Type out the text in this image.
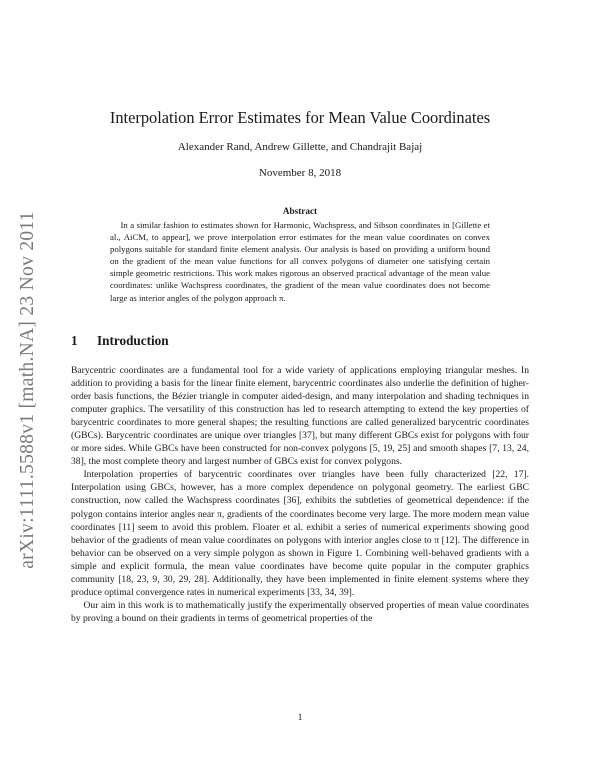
arXiv:1111.5588v1 [math.NA] 23 Nov 2011
Interpolation Error Estimates for Mean Value Coordinates
Alexander Rand, Andrew Gillette, and Chandrajit Bajaj
November 8, 2018
Abstract

In a similar fashion to estimates shown for Harmonic, Wachspress, and Sibson coordinates in [Gillette et al., AiCM, to appear], we prove interpolation error estimates for the mean value coordinates on convex polygons suitable for standard finite element analysis. Our analysis is based on providing a uniform bound on the gradient of the mean value functions for all convex polygons of diameter one satisfying certain simple geometric restrictions. This work makes rigorous an observed practical advantage of the mean value coordinates: unlike Wachspress coordinates, the gradient of the mean value coordinates does not become large as interior angles of the polygon approach π.

1 Introduction

Barycentric coordinates are a fundamental tool for a wide variety of applications employing triangular meshes. In addition to providing a basis for the linear finite element, barycentric coordinates also underlie the definition of higher-order basis functions, the Bézier triangle in computer aided-design, and many interpolation and shading techniques in computer graphics. The versatility of this construction has led to research attempting to extend the key properties of barycentric coordinates to more general shapes; the resulting functions are called generalized barycentric coordinates (GBCs). Barycentric coordinates are unique over triangles [37], but many different GBCs exist for polygons with four or more sides. While GBCs have been constructed for non-convex polygons [5, 19, 25] and smooth shapes [7, 13, 24, 38], the most complete theory and largest number of GBCs exist for convex polygons.

Interpolation properties of barycentric coordinates over triangles have been fully characterized [22, 17]. Interpolation using GBCs, however, has a more complex dependence on polygonal geometry. The earliest GBC construction, now called the Wachspress coordinates [36], exhibits the subtleties of geometrical dependence: if the polygon contains interior angles near π, gradients of the coordinates become very large. The more modern mean value coordinates [11] seem to avoid this problem. Floater et al. exhibit a series of numerical experiments showing good behavior of the gradients of mean value coordinates on polygons with interior angles close to π [12]. The difference in behavior can be observed on a very simple polygon as shown in Figure 1. Combining well-behaved gradients with a simple and explicit formula, the mean value coordinates have become quite popular in the computer graphics community [18, 23, 9, 30, 29, 28]. Additionally, they have been implemented in finite element systems where they produce optimal convergence rates in numerical experiments [33, 34, 39].

Our aim in this work is to mathematically justify the experimentally observed properties of mean value coordinates by proving a bound on their gradients in terms of geometrical properties of the

1
